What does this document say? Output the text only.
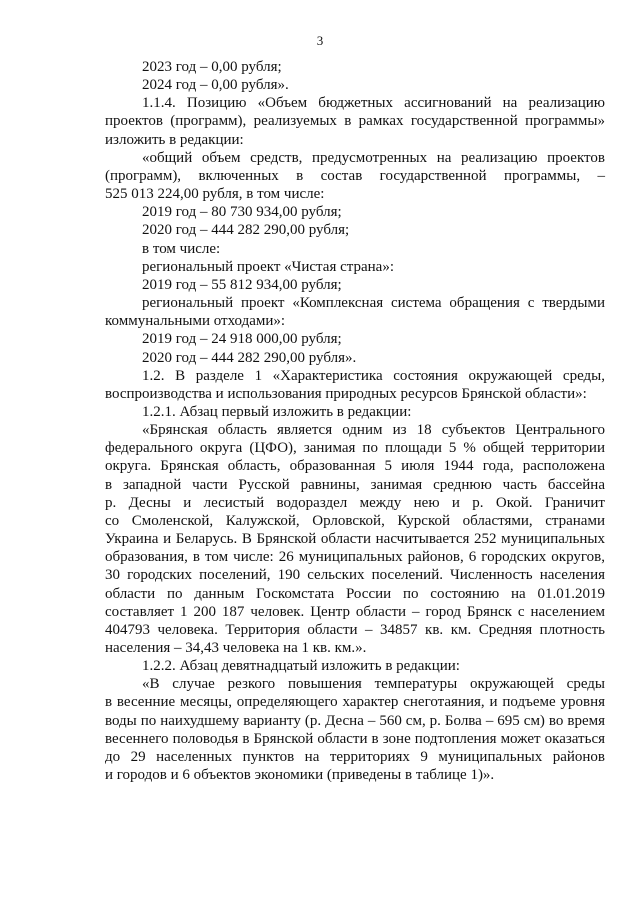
3

2023 год – 0,00 рубля;

2024 год – 0,00 рубля».

1.1.4. Позицию «Объем бюджетных ассигнований на реализацию

проектов (программ), реализуемых в рамках государственной программы»

изложить в редакции:

«общий объем средств, предусмотренных на реализацию проектов

(программ), включенных в состав государственной программы, –

525 013 224,00 рубля, в том числе:

2019 год – 80 730 934,00 рубля;

2020 год – 444 282 290,00 рубля;

в том числе:

региональный проект «Чистая страна»:

2019 год – 55 812 934,00 рубля;

региональный проект «Комплексная система обращения с твердыми

коммунальными отходами»:

2019 год – 24 918 000,00 рубля;

2020 год – 444 282 290,00 рубля».

1.2. В разделе 1 «Характеристика состояния окружающей среды,

воспроизводства и использования природных ресурсов Брянской области»:

1.2.1. Абзац первый изложить в редакции:

«Брянская область является одним из 18 субъектов Центрального

федерального округа (ЦФО), занимая по площади 5 % общей территории

округа. Брянская область, образованная 5 июля 1944 года, расположена

в западной части Русской равнины, занимая среднюю часть бассейна

р. Десны и лесистый водораздел между нею и р. Окой. Граничит

со Смоленской, Калужской, Орловской, Курской областями, странами

Украина и Беларусь. В Брянской области насчитывается 252 муниципальных

образования, в том числе: 26 муниципальных районов, 6 городских округов,

30 городских поселений, 190 сельских поселений. Численность населения

области по данным Госкомстата России по состоянию на 01.01.2019

составляет 1 200 187 человек. Центр области – город Брянск с населением

404793 человека. Территория области – 34857 кв. км. Средняя плотность

населения – 34,43 человека на 1 кв. км.».

1.2.2. Абзац девятнадцатый изложить в редакции:

«В случае резкого повышения температуры окружающей среды

в весенние месяцы, определяющего характер снеготаяния, и подъеме уровня

воды по наихудшему варианту (р. Десна – 560 см, р. Болва – 695 см) во время

весеннего половодья в Брянской области в зоне подтопления может оказаться

до 29 населенных пунктов на территориях 9 муниципальных районов

и городов и 6 объектов экономики (приведены в таблице 1)».
